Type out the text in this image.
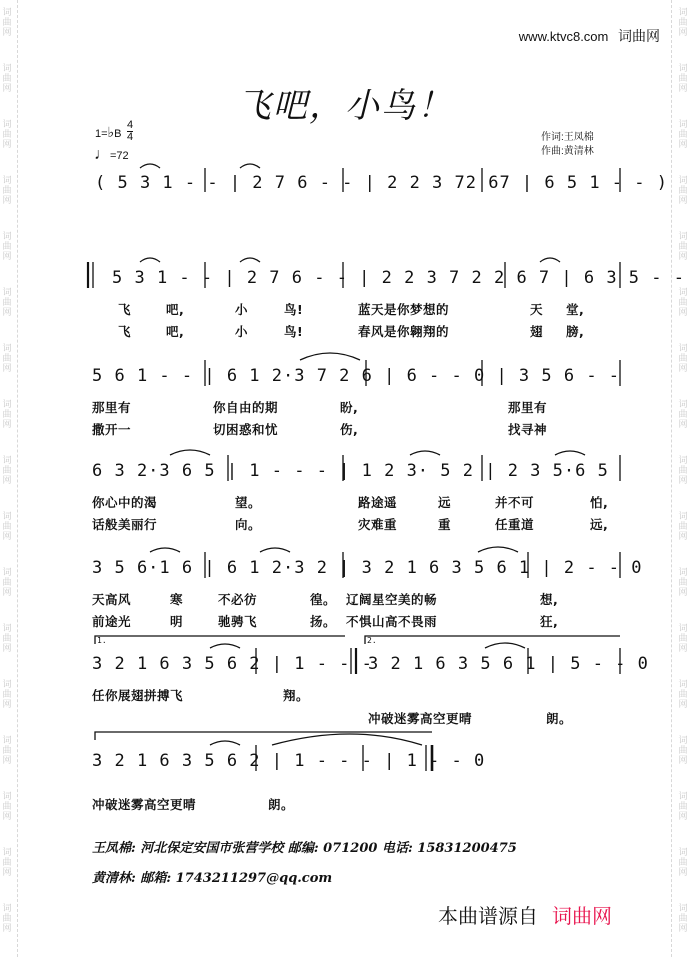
词
曲
网
词
曲
网
词
曲
网
词
曲
网
词
曲
网
词
曲
网
词
曲
网
词
曲
网
词
曲
网
词
曲
网
词
曲
网
词
曲
网
词
曲
网
词
曲
网
词
曲
网
词
曲
网
词
曲
网
词
曲
网
词
曲
网
词
曲
网
词
曲
网
词
曲
网
词
曲
网
词
曲
网
词
曲
网
词
曲
网
词
曲
网
词
曲
网
词
曲
网
词
曲
网
词
曲
网
词
曲
网
词
曲
网
词
曲
网
www.ktvc8.com 词曲网
飞吧，小鸟！
1=♭B
4
4
♩=72
作词:王凤棉
作曲:黄清林
( 5 3 1 - - | 2 7 6 - - | 2 2 3 72 67 | 6 5 1 - - )
5 3 1 - - | 2 7 6 - - | 2 2 3 7 2 2 6 7 | 6 3 5 - -
5 6 1 - - | 6 1 2·3 7 2 6 | 6 - - 0 | 3 5 6 - -
6 3 2·3 6 5 | 1 - - - | 1 2 3· 5 2 | 2 3 5·6 5
3 5 6·1 6 | 6 1 2·3 2 | 3 2 1 6 3 5 6 1 | 2 - - 0
3 2 1 6 3 5 6 2 | 1 - - -
3 2 1 6 3 5 6 1 | 5 - - 0
3 2 1 6 3 5 6 2 | 1 - - - | 1 - - 0
1.	2.
飞	吧,	小	鸟!	蓝天是你梦想的	天 堂,
飞	吧,	小	鸟!	春风是你翱翔的	翅 膀,
那里有	你自由的期	盼,	那里有
撒开一	切困惑和忧	伤,	找寻神
你心中的渴	望。	路途遥	远	并不可	怕,
话般美丽行	向。	灾难重	重	任重道	远,
天高风	寒	不必彷	徨。 辽阔星空美的畅	想,
前途光	明	驰骋飞	扬。 不惧山高不畏雨	狂,
任你展翅拼搏飞	翔。
冲破迷雾高空更晴	朗。
冲破迷雾高空更晴	朗。
王凤棉: 河北保定安国市张营学校 邮编: 071200 电话: 15831200475
黄清林: 邮箱: 1743211297@qq.com
本曲谱源自 词曲网
